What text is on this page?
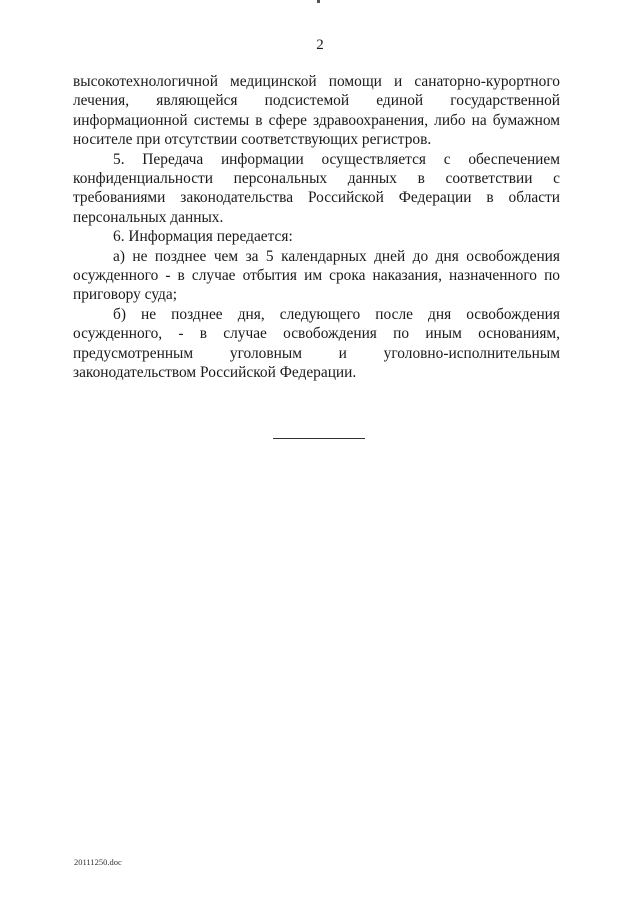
2

высокотехнологичной медицинской помощи и санаторно-курортного лечения, являющейся подсистемой единой государственной информационной системы в сфере здравоохранения, либо на бумажном носителе при отсутствии соответствующих регистров.

5. Передача информации осуществляется с обеспечением конфиденциальности персональных данных в соответствии с требованиями законодательства Российской Федерации в области персональных данных.

6. Информация передается:

а) не позднее чем за 5 календарных дней до дня освобождения осужденного - в случае отбытия им срока наказания, назначенного по приговору суда;

б) не позднее дня, следующего после дня освобождения осужденного, - в случае освобождения по иным основаниям, предусмотренным уголовным и уголовно-исполнительным законодательством Российской Федерации.

20111250.doc
